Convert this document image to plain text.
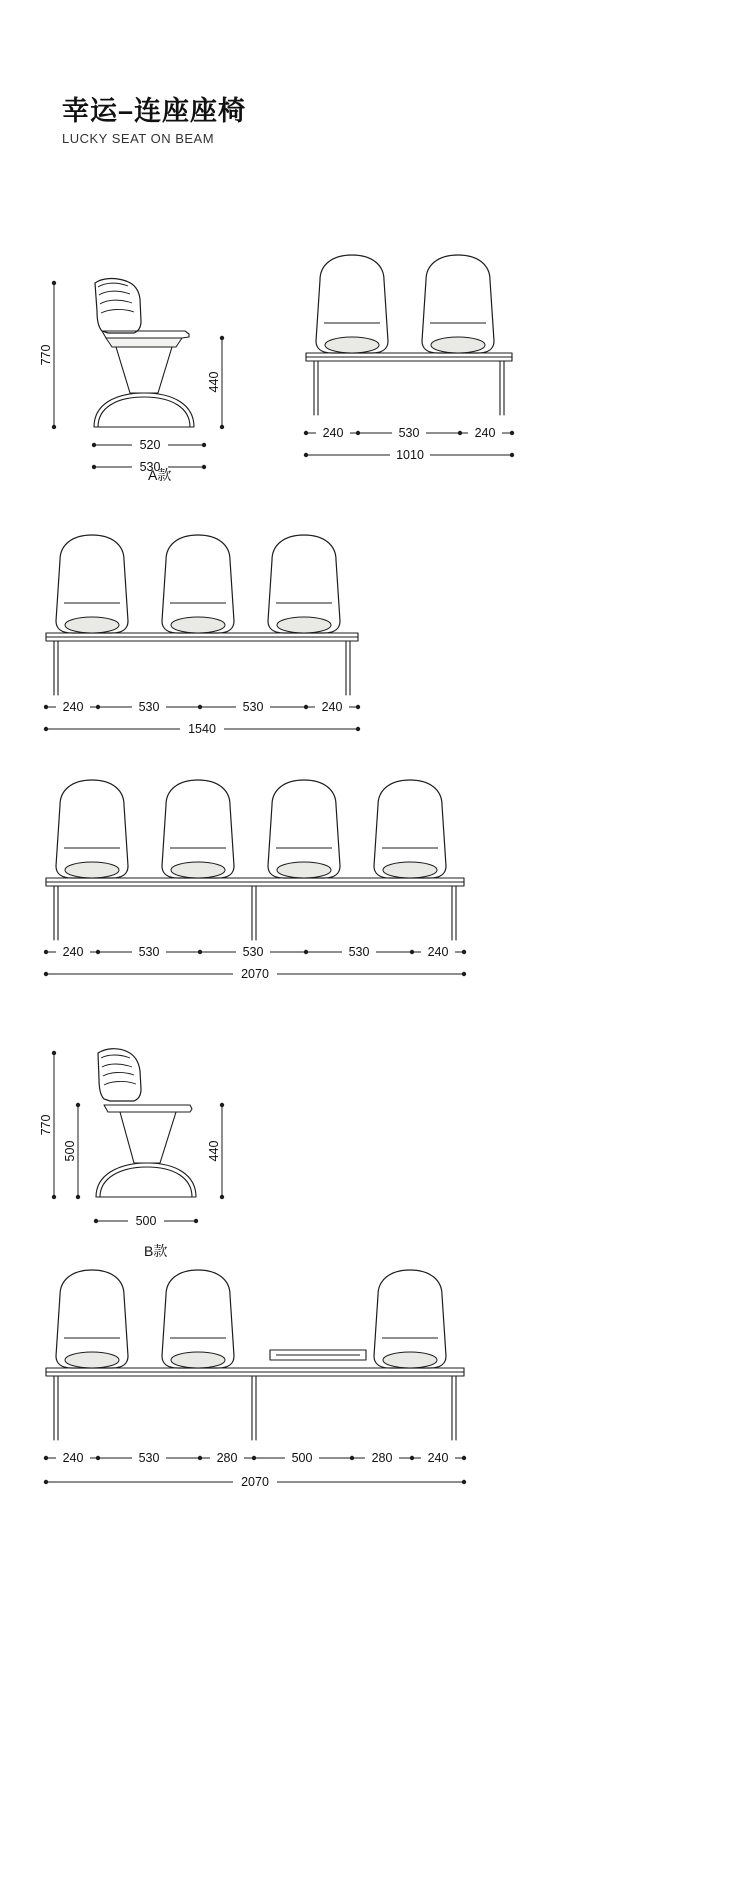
幸运–连座座椅
LUCKY SEAT ON BEAM
770
440
520
530
A款
240	530	240
1010
240	530	530	240
1540
240	530	530	530	240
2070
770
500	440
500
B款
240	530	280	500	280	240
2070
